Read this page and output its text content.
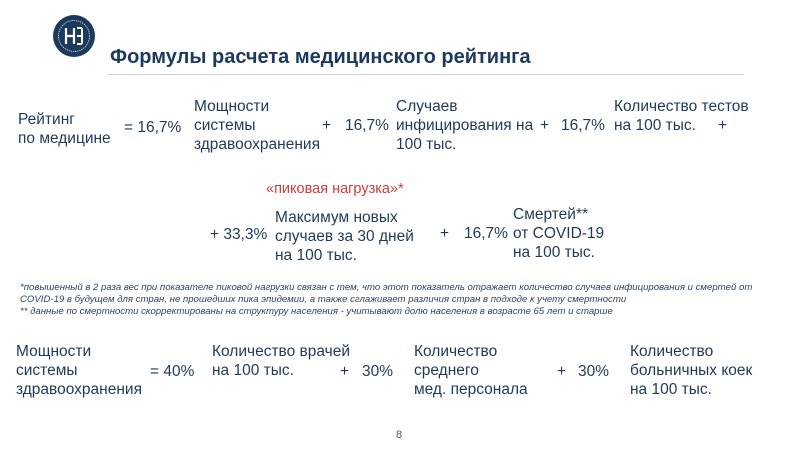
Формулы расчета медицинского рейтинга
Рейтинг
по медицине
= 16,7%
Мощности
системы
здравоохранения
+ 16,7%
Случаев
инфицирования на
100 тыс.
+ 16,7%
Количество тестов
на 100 тыс.	+
«пиковая нагрузка»*
+ 33,3%
Максимум новых
случаев за 30 дней
на 100 тыс.
+ 16,7%
Смертей**
от COVID-19
на 100 тыс.
*повышенный в 2 раза вес при показателе пиковой нагрузки связан с тем, что этот показатель отражает количество случаев инфицирования и смертей от
COVID-19 в будущем для стран, не прошедших пика эпидемии, а также сглаживает различия стран в подходе к учету смертности
** данные по смертности скорректированы на структуру населения - учитывают долю населения в возрасте 65 лет и старше
Мощности
системы
здравоохранения
= 40%
Количество врачей
на 100 тыс.	+ 30%
Количество
среднего
мед. персонала
+ 30%
Количество
больничных коек
на 100 тыс.
8
